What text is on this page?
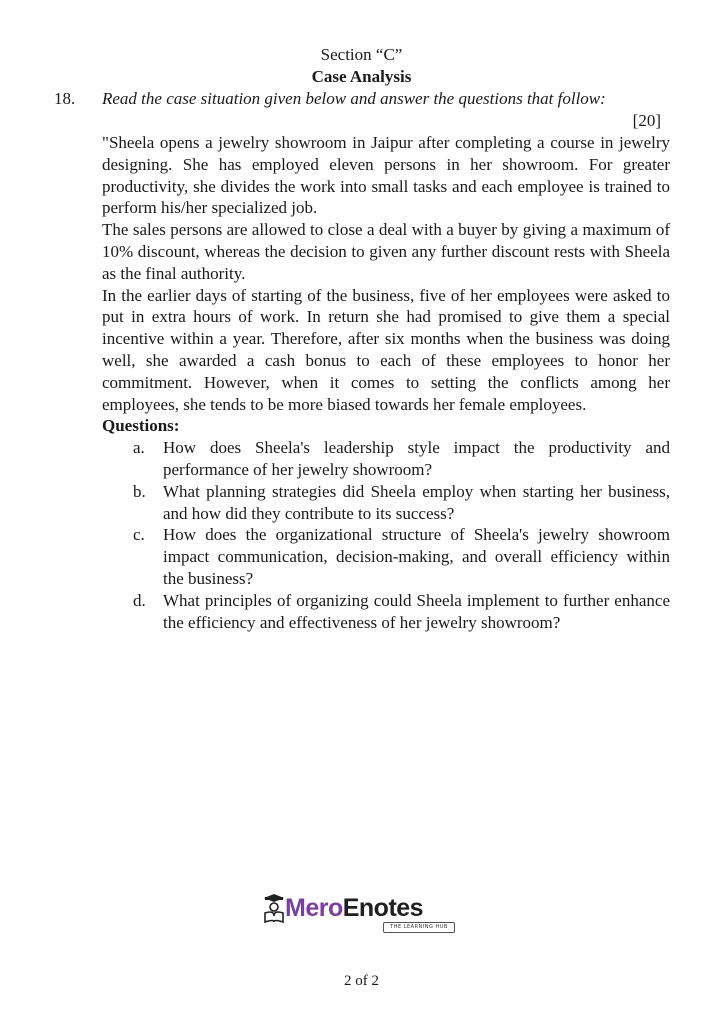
Section “C”
Case Analysis
18. Read the case situation given below and answer the questions that follow:
[20]

"Sheela opens a jewelry showroom in Jaipur after completing a course in jewelry designing. She has employed eleven persons in her showroom. For greater productivity, she divides the work into small tasks and each employee is trained to perform his/her specialized job.

The sales persons are allowed to close a deal with a buyer by giving a maximum of 10% discount, whereas the decision to given any further discount rests with Sheela as the final authority.

In the earlier days of starting of the business, five of her employees were asked to put in extra hours of work. In return she had promised to give them a special incentive within a year. Therefore, after six months when the business was doing well, she awarded a cash bonus to each of these employees to honor her commitment. However, when it comes to setting the conflicts among her employees, she tends to be more biased towards her female employees.

Questions:

a. How does Sheela's leadership style impact the productivity and performance of her jewelry showroom?
b. What planning strategies did Sheela employ when starting her business, and how did they contribute to its success?
c. How does the organizational structure of Sheela's jewelry showroom impact communication, decision-making, and overall efficiency within the business?
d. What principles of organizing could Sheela implement to further enhance the efficiency and effectiveness of her jewelry showroom?
MeroEnotes
THE LEARNING HUB
2 of 2
